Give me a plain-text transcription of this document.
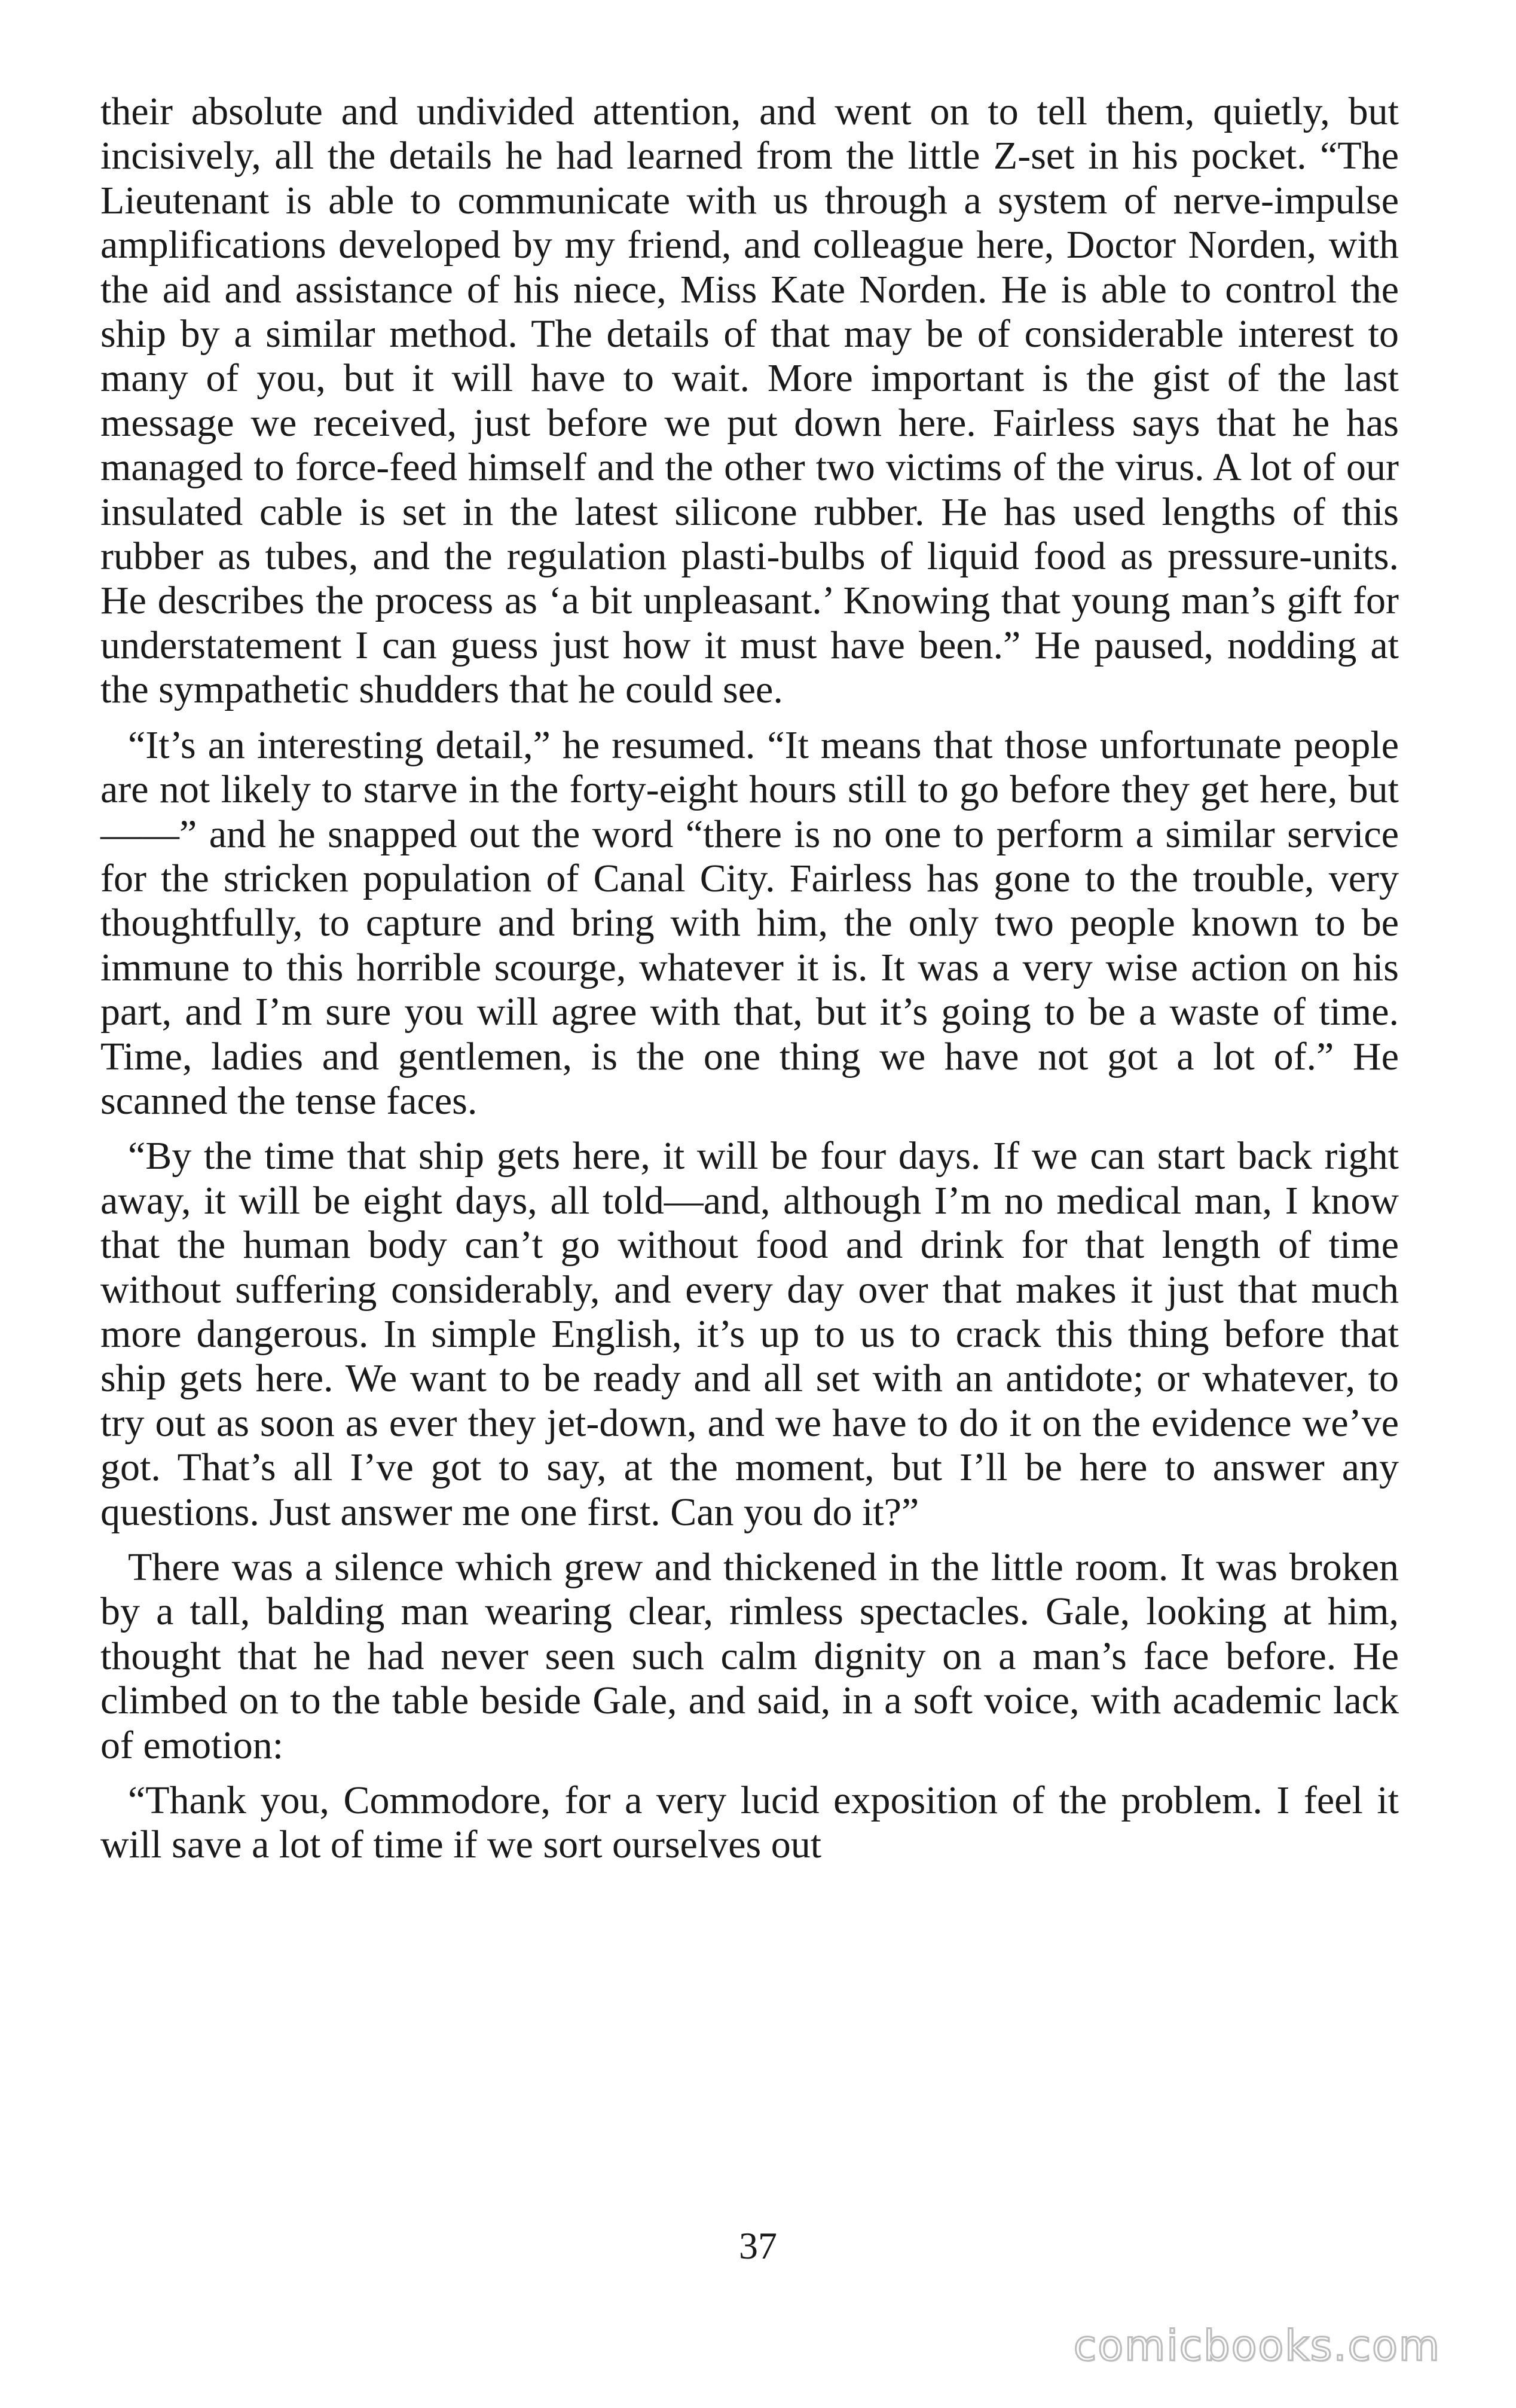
their absolute and undivided attention, and went on to tell them, quietly, but incisively, all the details he had learned from the little Z-set in his pocket. “The Lieutenant is able to communicate with us through a system of nerve-impulse amplifications developed by my friend, and colleague here, Doctor Norden, with the aid and assistance of his niece, Miss Kate Norden. He is able to control the ship by a similar method. The details of that may be of considerable interest to many of you, but it will have to wait. More important is the gist of the last message we received, just before we put down here. Fairless says that he has managed to force-feed himself and the other two victims of the virus. A lot of our insulated cable is set in the latest silicone rubber. He has used lengths of this rubber as tubes, and the regulation plasti-bulbs of liquid food as pressure-units. He describes the process as ‘a bit unpleasant.’ Knowing that young man’s gift for understatement I can guess just how it must have been.” He paused, nodding at the sympathetic shudders that he could see.

“It’s an interesting detail,” he resumed. “It means that those unfortunate people are not likely to starve in the forty-eight hours still to go before they get here, but——” and he snapped out the word “there is no one to perform a similar service for the stricken population of Canal City. Fairless has gone to the trouble, very thoughtfully, to capture and bring with him, the only two people known to be immune to this horrible scourge, whatever it is. It was a very wise action on his part, and I’m sure you will agree with that, but it’s going to be a waste of time. Time, ladies and gentlemen, is the one thing we have not got a lot of.” He scanned the tense faces.

“By the time that ship gets here, it will be four days. If we can start back right away, it will be eight days, all told—and, although I’m no medical man, I know that the human body can’t go without food and drink for that length of time without suffering considerably, and every day over that makes it just that much more dangerous. In simple English, it’s up to us to crack this thing before that ship gets here. We want to be ready and all set with an antidote; or whatever, to try out as soon as ever they jet-down, and we have to do it on the evidence we’ve got. That’s all I’ve got to say, at the moment, but I’ll be here to answer any questions. Just answer me one first. Can you do it?”

There was a silence which grew and thickened in the little room. It was broken by a tall, balding man wearing clear, rimless spectacles. Gale, looking at him, thought that he had never seen such calm dignity on a man’s face before. He climbed on to the table beside Gale, and said, in a soft voice, with academic lack of emotion:

“Thank you, Commodore, for a very lucid exposition of the problem. I feel it will save a lot of time if we sort ourselves out

37
comicbooks.com
